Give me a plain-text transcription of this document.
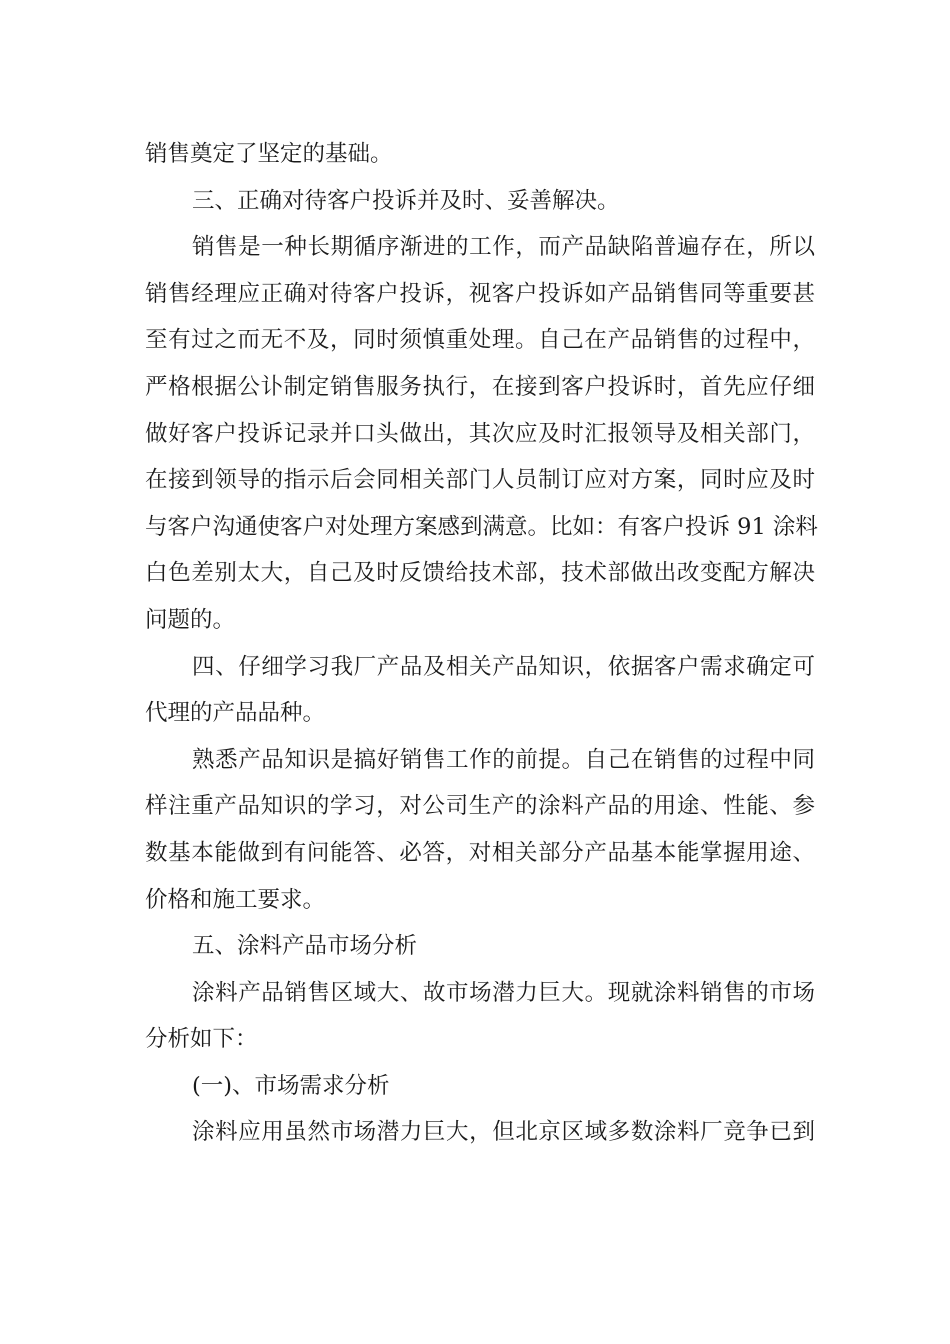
销售奠定了坚定的基础。
三、正确对待客户投诉并及时、妥善解决。
销售是一种长期循序渐进的工作，而产品缺陷普遍存在，所以
销售经理应正确对待客户投诉，视客户投诉如产品销售同等重要甚
至有过之而无不及，同时须慎重处理。自己在产品销售的过程中，
严格根据公讣制定销售服务执行，在接到客户投诉时，首先应仔细
做好客户投诉记录并口头做出，其次应及时汇报领导及相关部门，
在接到领导的指示后会同相关部门人员制订应对方案，同时应及时
与客户沟通使客户对处理方案感到满意。比如：有客户投诉 91 涂料
白色差别太大，自己及时反馈给技术部，技术部做出改变配方解决
问题的。
四、仔细学习我厂产品及相关产品知识，依据客户需求确定可
代理的产品品种。
熟悉产品知识是搞好销售工作的前提。自己在销售的过程中同
样注重产品知识的学习，对公司生产的涂料产品的用途、性能、参
数基本能做到有问能答、必答，对相关部分产品基本能掌握用途、
价格和施工要求。
五、涂料产品市场分析
涂料产品销售区域大、故市场潜力巨大。现就涂料销售的市场
分析如下：
(一)、市场需求分析
涂料应用虽然市场潜力巨大，但北京区域多数涂料厂竞争已到
